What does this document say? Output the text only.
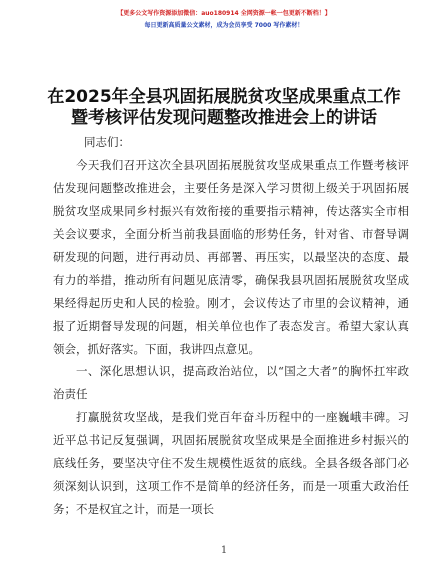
【更多公文写作资源添加微信：auo180914 全网资源一帐一包更新不断档！】
每日更新高质量公文素材，成为会员享受 7000 写作素材！
在2025年全县巩固拓展脱贫攻坚成果重点工作
暨考核评估发现问题整改推进会上的讲话
同志们：

今天我们召开这次全县巩固拓展脱贫攻坚成果重点工作暨考核评估发现问题整改推进会，主要任务是深入学习贯彻上级关于巩固拓展脱贫攻坚成果同乡村振兴有效衔接的重要指示精神，传达落实全市相关会议要求，全面分析当前我县面临的形势任务，针对省、市督导调研发现的问题，进行再动员、再部署、再压实，以最坚决的态度、最有力的举措，推动所有问题见底清零，确保我县巩固拓展脱贫攻坚成果经得起历史和人民的检验。刚才，会议传达了市里的会议精神，通报了近期督导发现的问题，相关单位也作了表态发言。希望大家认真领会，抓好落实。下面，我讲四点意见。

一、深化思想认识，提高政治站位，以“国之大者”的胸怀扛牢政治责任

打赢脱贫攻坚战，是我们党百年奋斗历程中的一座巍峨丰碑。习近平总书记反复强调，巩固拓展脱贫攻坚成果是全面推进乡村振兴的底线任务，要坚决守住不发生规模性返贫的底线。全县各级各部门必须深刻认识到，这项工作不是简单的经济任务，而是一项重大政治任务；不是权宜之计，而是一项长

1
